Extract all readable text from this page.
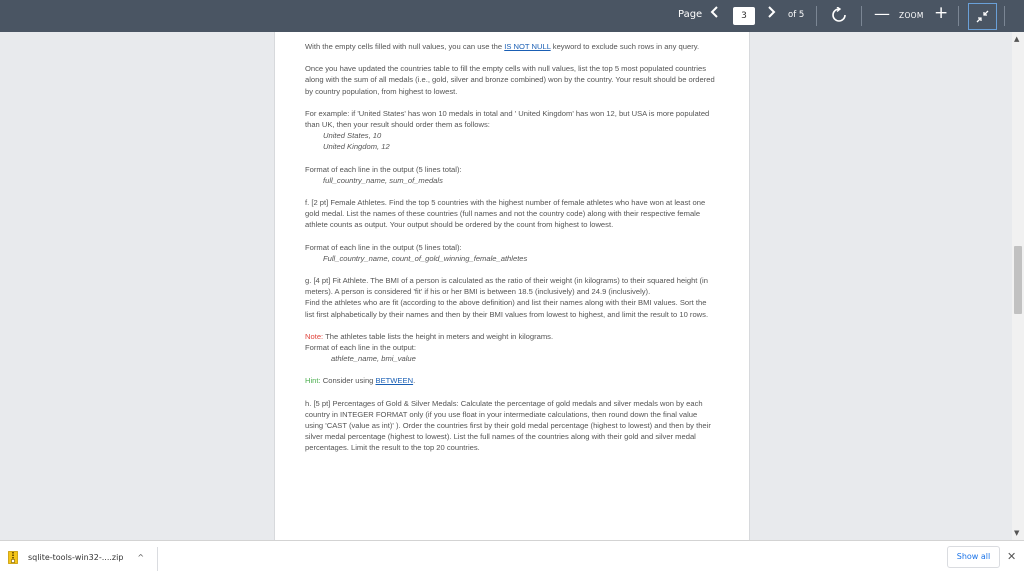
Page	3	of 5	— ZOOM +

With the empty cells filled with null values, you can use the IS NOT NULL keyword to exclude such rows in any query.

Once you have updated the countries table to fill the empty cells with null values, list the top 5 most populated countries along with the sum of all medals (i.e., gold, silver and bronze combined) won by the country. Your result should be ordered by country population, from highest to lowest.

For example: if 'United States' has won 10 medals in total and ' United Kingdom' has won 12, but USA is more populated than UK, then your result should order them as follows:

United States, 10

United Kingdom, 12

Format of each line in the output (5 lines total):

full_country_name, sum_of_medals

f. [2 pt] Female Athletes. Find the top 5 countries with the highest number of female athletes who have won at least one gold medal. List the names of these countries (full names and not the country code) along with their respective female athlete counts as output. Your output should be ordered by the count from highest to lowest.

Format of each line in the output (5 lines total):

Full_country_name, count_of_gold_winning_female_athletes

g. [4 pt] Fit Athlete. The BMI of a person is calculated as the ratio of their weight (in kilograms) to their squared height (in meters). A person is considered 'fit' if his or her BMI is between 18.5 (inclusively) and 24.9 (inclusively).

Find the athletes who are fit (according to the above definition) and list their names along with their BMI values. Sort the list first alphabetically by their names and then by their BMI values from lowest to highest, and limit the result to 10 rows.

Note: The athletes table lists the height in meters and weight in kilograms.

Format of each line in the output:

athlete_name, bmi_value

Hint: Consider using BETWEEN.

h. [5 pt] Percentages of Gold & Silver Medals: Calculate the percentage of gold medals and silver medals won by each country in INTEGER FORMAT only (if you use float in your intermediate calculations, then round down the final value using 'CAST (value as int)' ). Order the countries first by their gold medal percentage (highest to lowest) and then by their silver medal percentage (highest to lowest). List the full names of the countries along with their gold and silver medal percentages. Limit the result to the top 20 countries.

▲
▼
sqlite-tools-win32-....zip ^	Show all	✕
